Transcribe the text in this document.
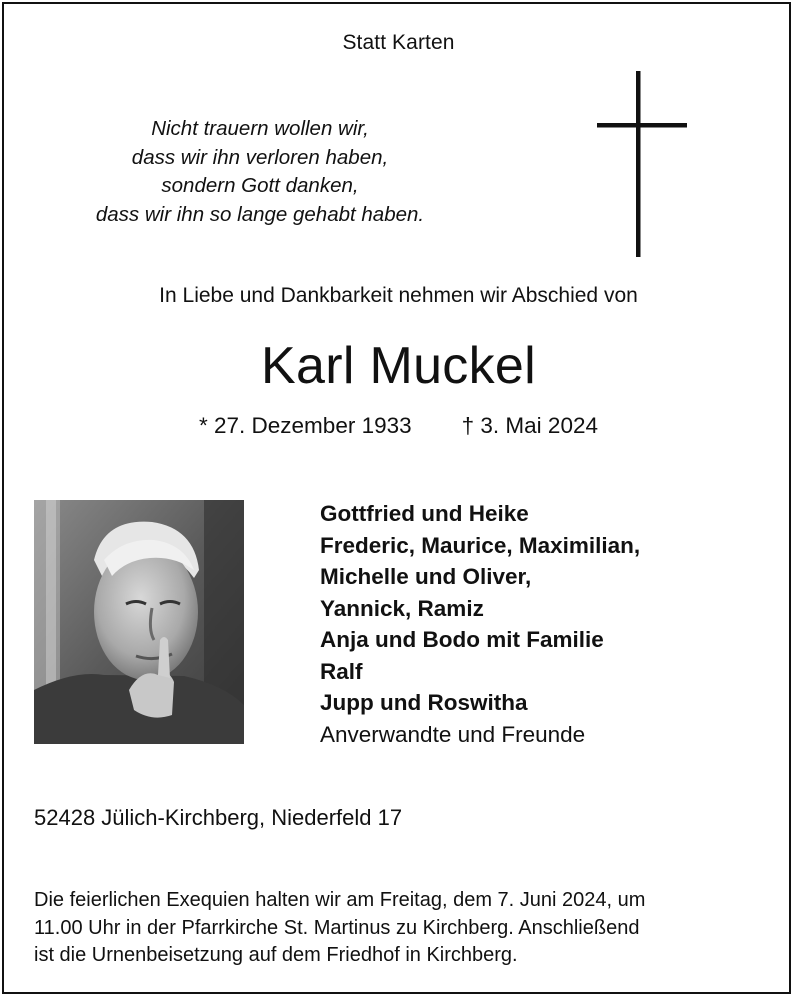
Statt Karten
Nicht trauern wollen wir,
dass wir ihn verloren haben,
sondern Gott danken,
dass wir ihn so lange gehabt haben.
In Liebe und Dankbarkeit nehmen wir Abschied von
Karl Muckel
* 27. Dezember 1933 † 3. Mai 2024
Gottfried und Heike
Frederic, Maurice, Maximilian,
Michelle und Oliver,
Yannick, Ramiz
Anja und Bodo mit Familie
Ralf
Jupp und Roswitha
Anverwandte und Freunde
52428 Jülich-Kirchberg, Niederfeld 17
Die feierlichen Exequien halten wir am Freitag, dem 7. Juni 2024, um
11.00 Uhr in der Pfarrkirche St. Martinus zu Kirchberg. Anschließend
ist die Urnenbeisetzung auf dem Friedhof in Kirchberg.
